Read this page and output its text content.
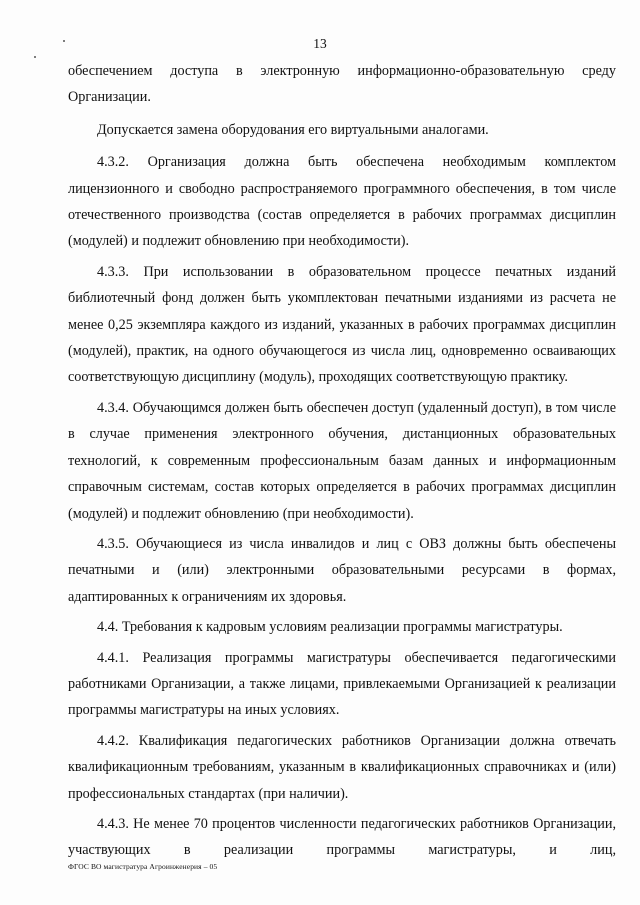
13

обеспечением доступа в электронную информационно-образовательную среду Организации.

Допускается замена оборудования его виртуальными аналогами.

4.3.2. Организация должна быть обеспечена необходимым комплектом лицензионного и свободно распространяемого программного обеспечения, в том числе отечественного производства (состав определяется в рабочих программах дисциплин (модулей) и подлежит обновлению при необходимости).

4.3.3. При использовании в образовательном процессе печатных изданий библиотечный фонд должен быть укомплектован печатными изданиями из расчета не менее 0,25 экземпляра каждого из изданий, указанных в рабочих программах дисциплин (модулей), практик, на одного обучающегося из числа лиц, одновременно осваивающих соответствующую дисциплину (модуль), проходящих соответствующую практику.

4.3.4. Обучающимся должен быть обеспечен доступ (удаленный доступ), в том числе в случае применения электронного обучения, дистанционных образовательных технологий, к современным профессиональным базам данных и информационным справочным системам, состав которых определяется в рабочих программах дисциплин (модулей) и подлежит обновлению (при необходимости).

4.3.5. Обучающиеся из числа инвалидов и лиц с ОВЗ должны быть обеспечены печатными и (или) электронными образовательными ресурсами в формах, адаптированных к ограничениям их здоровья.

4.4. Требования к кадровым условиям реализации программы магистратуры.

4.4.1. Реализация программы магистратуры обеспечивается педагогическими работниками Организации, а также лицами, привлекаемыми Организацией к реализации программы магистратуры на иных условиях.

4.4.2. Квалификация педагогических работников Организации должна отвечать квалификационным требованиям, указанным в квалификационных справочниках и (или) профессиональных стандартах (при наличии).

4.4.3. Не менее 70 процентов численности педагогических работников Организации, участвующих в реализации программы магистратуры, и лиц,

ФГОС ВО магистратура Агроинженерия – 05
